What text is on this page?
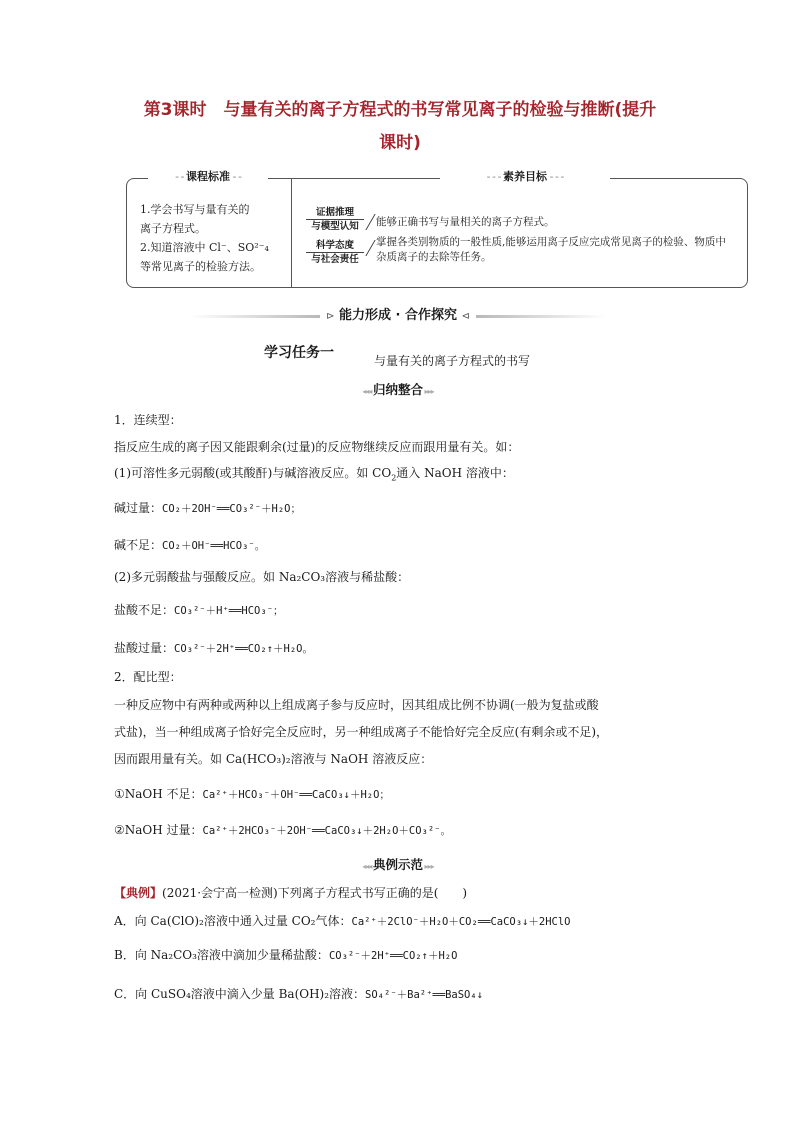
第3课时　与量有关的离子方程式的书写常见离子的检验与推断(提升
课时)
- - 课程标准 - -	- - - 素养目标 - - -
1.学会书写与量有关的
离子方程式。
2.知道溶液中 Cl⁻、SO²⁻₄
等常见离子的检验方法。
证据推理
与模型认知	能够正确书写与量相关的离子方程式。
科学态度
与社会责任
掌握各类别物质的一般性质,能够运用离子反应完成常见离子的检验、物质中杂质离子的去除等任务。
⊳ 能力形成 · 合作探究 ⊲
学习任务一	与量有关的离子方程式的书写
◂◂◂ 归纳整合 ▸▸▸
1．连续型：
指反应生成的离子因又能跟剩余(过量)的反应物继续反应而跟用量有关。如：
(1)可溶性多元弱酸(或其酸酐)与碱溶液反应。如 $CO_2$通入 NaOH 溶液中：
碱过量：CO₂＋2OH⁻══CO₃²⁻＋H₂O；
碱不足：CO₂＋OH⁻══HCO₃⁻。
(2)多元弱酸盐与强酸反应。如 Na₂CO₃溶液与稀盐酸：
盐酸不足：CO₃²⁻＋H⁺══HCO₃⁻；
盐酸过量：CO₃²⁻＋2H⁺══CO₂↑＋H₂O。
2．配比型：
一种反应物中有两种或两种以上组成离子参与反应时，因其组成比例不协调(一般为复盐或酸
式盐)，当一种组成离子恰好完全反应时，另一种组成离子不能恰好完全反应(有剩余或不足)，
因而跟用量有关。如 Ca(HCO₃)₂溶液与 NaOH 溶液反应：
①NaOH 不足：Ca²⁺＋HCO₃⁻＋OH⁻══CaCO₃↓＋H₂O；
②NaOH 过量：Ca²⁺＋2HCO₃⁻＋2OH⁻══CaCO₃↓＋2H₂O＋CO₃²⁻。
◂◂◂ 典例示范 ▸▸▸
【典例】(2021·会宁高一检测)下列离子方程式书写正确的是(　　)
A．向 Ca(ClO)₂溶液中通入过量 CO₂气体：Ca²⁺＋2ClO⁻＋H₂O＋CO₂══CaCO₃↓＋2HClO
B．向 Na₂CO₃溶液中滴加少量稀盐酸：CO₃²⁻＋2H⁺══CO₂↑＋H₂O
C．向 CuSO₄溶液中滴入少量 Ba(OH)₂溶液：SO₄²⁻＋Ba²⁺══BaSO₄↓
